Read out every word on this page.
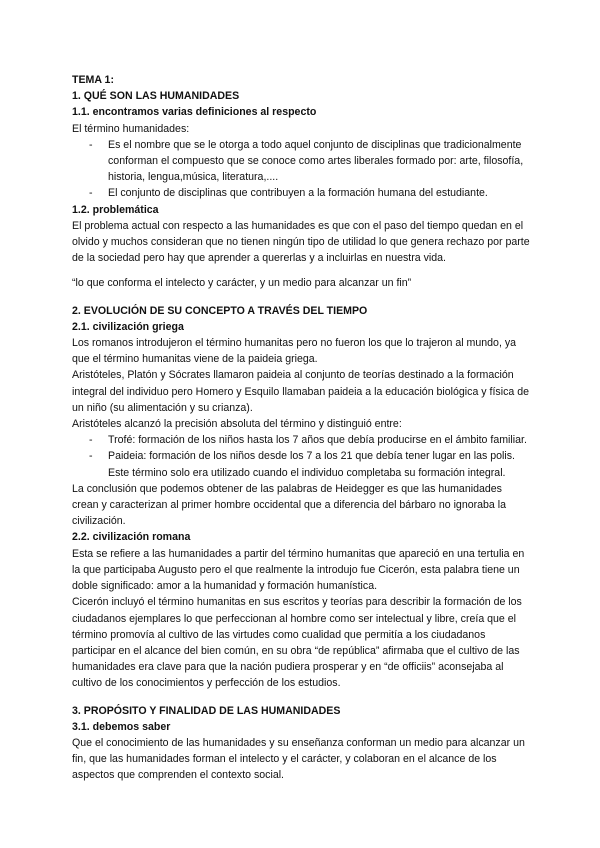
TEMA 1:

1. QUÉ SON LAS HUMANIDADES

1.1. encontramos varias definiciones al respecto

El término humanidades:

- Es el nombre que se le otorga a todo aquel conjunto de disciplinas que tradicionalmente conforman el compuesto que se conoce como artes liberales formado por: arte, filosofía, historia, lengua,música, literatura,....
- El conjunto de disciplinas que contribuyen a la formación humana del estudiante.

1.2. problemática

El problema actual con respecto a las humanidades es que con el paso del tiempo quedan en el olvido y muchos consideran que no tienen ningún tipo de utilidad lo que genera rechazo por parte de la sociedad pero hay que aprender a quererlas y a incluirlas en nuestra vida.

“lo que conforma el intelecto y carácter, y un medio para alcanzar un fin”

2. EVOLUCIÓN DE SU CONCEPTO A TRAVÉS DEL TIEMPO

2.1. civilización griega

Los romanos introdujeron el término humanitas pero no fueron los que lo trajeron al mundo, ya que el término humanitas viene de la paideia griega.

Aristóteles, Platón y Sócrates llamaron paideia al conjunto de teorías destinado a la formación integral del individuo pero Homero y Esquilo llamaban paideia a la educación biológica y física de un niño (su alimentación y su crianza).

Aristóteles alcanzó la precisión absoluta del término y distinguió entre:

- Trofé: formación de los niños hasta los 7 años que debía producirse en el ámbito familiar.
- Paideia: formación de los niños desde los 7 a los 21 que debía tener lugar en las polis. Este término solo era utilizado cuando el individuo completaba su formación integral.

La conclusión que podemos obtener de las palabras de Heidegger es que las humanidades crean y caracterizan al primer hombre occidental que a diferencia del bárbaro no ignoraba la civilización.

2.2. civilización romana

Esta se refiere a las humanidades a partir del término humanitas que apareció en una tertulia en la que participaba Augusto pero el que realmente la introdujo fue Cicerón, esta palabra tiene un doble significado: amor a la humanidad y formación humanística.

Cicerón incluyó el término humanitas en sus escritos y teorías para describir la formación de los ciudadanos ejemplares lo que perfeccionan al hombre como ser intelectual y libre, creía que el término promovía al cultivo de las virtudes como cualidad que permitía a los ciudadanos participar en el alcance del bien común, en su obra “de república” afirmaba que el cultivo de las humanidades era clave para que la nación pudiera prosperar y en “de officiis” aconsejaba al cultivo de los conocimientos y perfección de los estudios.

3. PROPÓSITO Y FINALIDAD DE LAS HUMANIDADES

3.1. debemos saber

Que el conocimiento de las humanidades y su enseñanza conforman un medio para alcanzar un fin, que las humanidades forman el intelecto y el carácter, y colaboran en el alcance de los aspectos que comprenden el contexto social.
